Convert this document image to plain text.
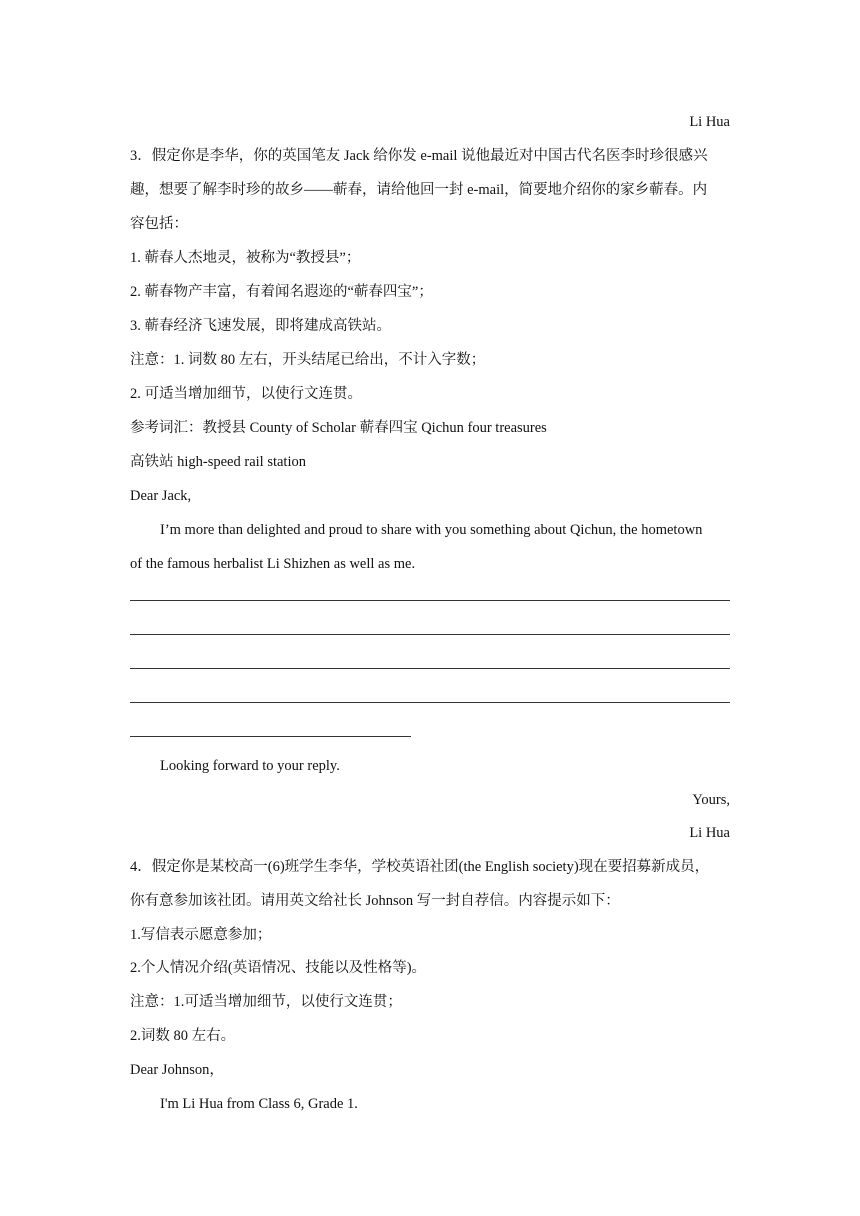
Li Hua
3．假定你是李华，你的英国笔友 Jack 给你发 e-mail 说他最近对中国古代名医李时珍很感兴
趣，想要了解李时珍的故乡——蕲春，请给他回一封 e-mail，简要地介绍你的家乡蕲春。内
容包括：
1. 蕲春人杰地灵，被称为“教授县”；
2. 蕲春物产丰富，有着闻名遐迩的“蕲春四宝”；
3. 蕲春经济飞速发展，即将建成高铁站。
注意：1. 词数 80 左右，开头结尾已给出，不计入字数；
2. 可适当增加细节，以使行文连贯。
参考词汇：教授县 County of Scholar 蕲春四宝 Qichun four treasures
高铁站 high-speed rail station
Dear Jack,
I’m more than delighted and proud to share with you something about Qichun, the hometown
of the famous herbalist Li Shizhen as well as me.
Looking forward to your reply.
Yours,
Li Hua
4．假定你是某校高一(6)班学生李华，学校英语社团(the English society)现在要招募新成员，
你有意参加该社团。请用英文给社长 Johnson 写一封自荐信。内容提示如下：
1.写信表示愿意参加；
2.个人情况介绍(英语情况、技能以及性格等)。
注意：1.可适当增加细节，以使行文连贯；
2.词数 80 左右。
Dear Johnson，
I'm Li Hua from Class 6, Grade 1.
